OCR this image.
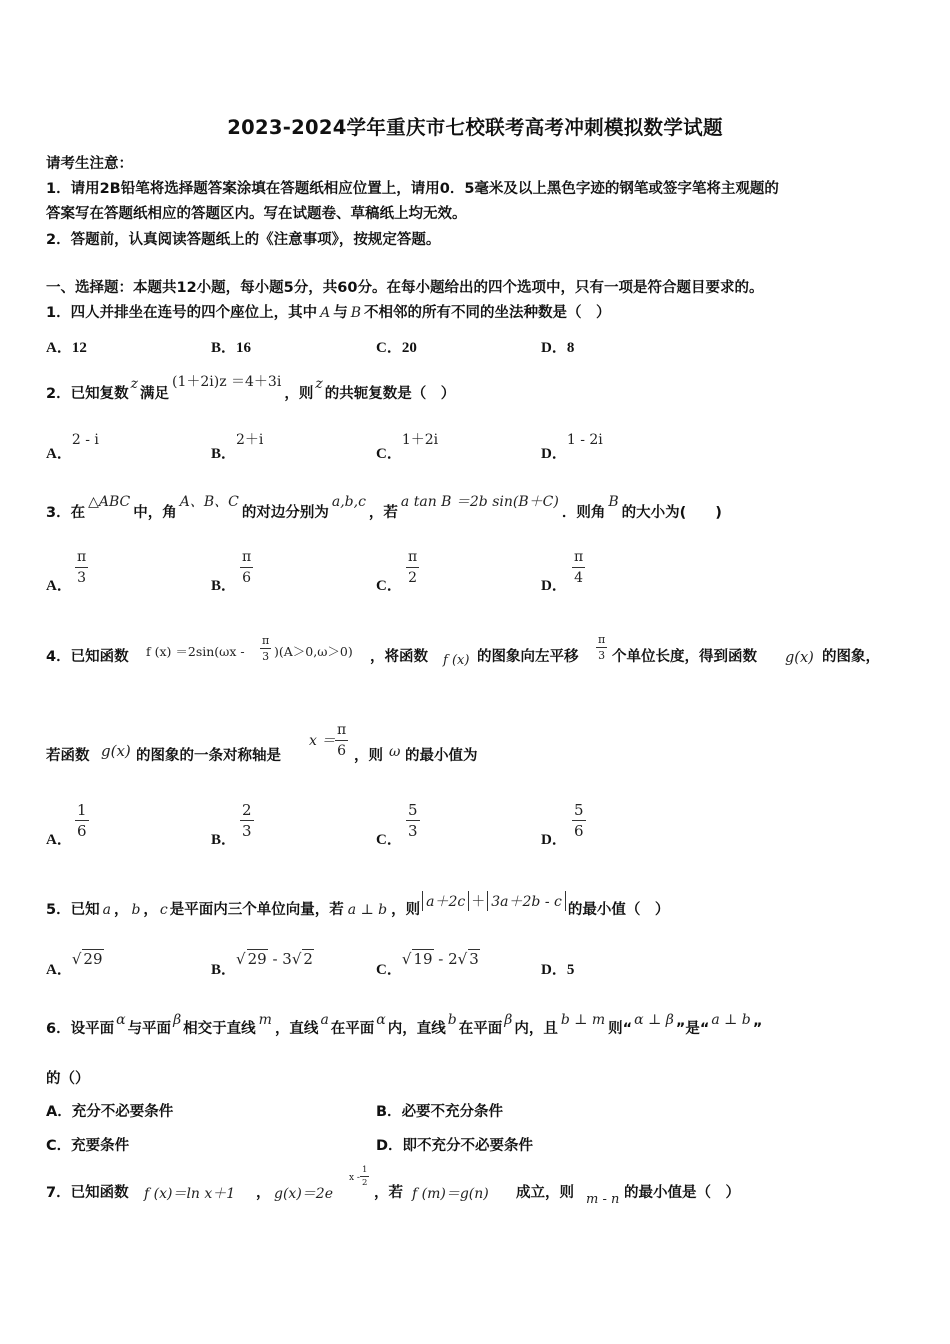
2023-2024学年重庆市七校联考高考冲刺模拟数学试题
请考生注意：
1．请用2B铅笔将选择题答案涂填在答题纸相应位置上，请用0．5毫米及以上黑色字迹的钢笔或签字笔将主观题的
答案写在答题纸相应的答题区内。写在试题卷、草稿纸上均无效。
2．答题前，认真阅读答题纸上的《注意事项》，按规定答题。
一、选择题：本题共12小题，每小题5分，共60分。在每小题给出的四个选项中，只有一项是符合题目要求的。
1．四人并排坐在连号的四个座位上，其中 A 与 B 不相邻的所有不同的坐法种数是（　）
A．12	B．16	C．20	D．8
2．已知复数z满足(1＋2i)z ＝4＋3i，则z的共轭复数是（　）
A．2 - i
B．2＋i
C．1＋2i
D．1 - 2i
3．在△ABC中，角A、B、C的对边分别为a,b,c，若a tan B ＝2b sin(B＋C)．则角B的大小为(　　)
A．
π
3	B．
π
6	C．
π
2	D．
π
4
4．已知函数 f (x) ＝2sin(ωx -
π
3 )(A＞0,ω＞0) ，将函数 f (x) 的图象向左平移
π
3 个单位长度，得到函数 g(x) 的图象，
若函数 g(x) 的图象的一条对称轴是
x ＝
π
6 ，则 ω 的最小值为
A．
1
6	B．
2
3	C．
5
3	D．
5
6
5．已知 a ， b ， c 是平面内三个单位向量，若 a ⊥ b ，则 a＋2c ＋ 3a＋2b - c 的最小值（　）
A．√ 29
B．√ 29 - 3√ 2
C．√ 19 - 2√ 3
D．5
6．设平面α与平面β相交于直线m，直线a在平面α内，直线b在平面β内，且b ⊥ m则“α ⊥ β”是“a ⊥ b”
的（）
A．充分不必要条件	B．必要不充分条件
C．充要条件	D．即不充分不必要条件
7．已知函数 f (x)＝ln x＋1 ， g(x)＝2e
x -
1
2
，若 f (m)＝g(n) 成立，则 m - n 的最小值是（　）
